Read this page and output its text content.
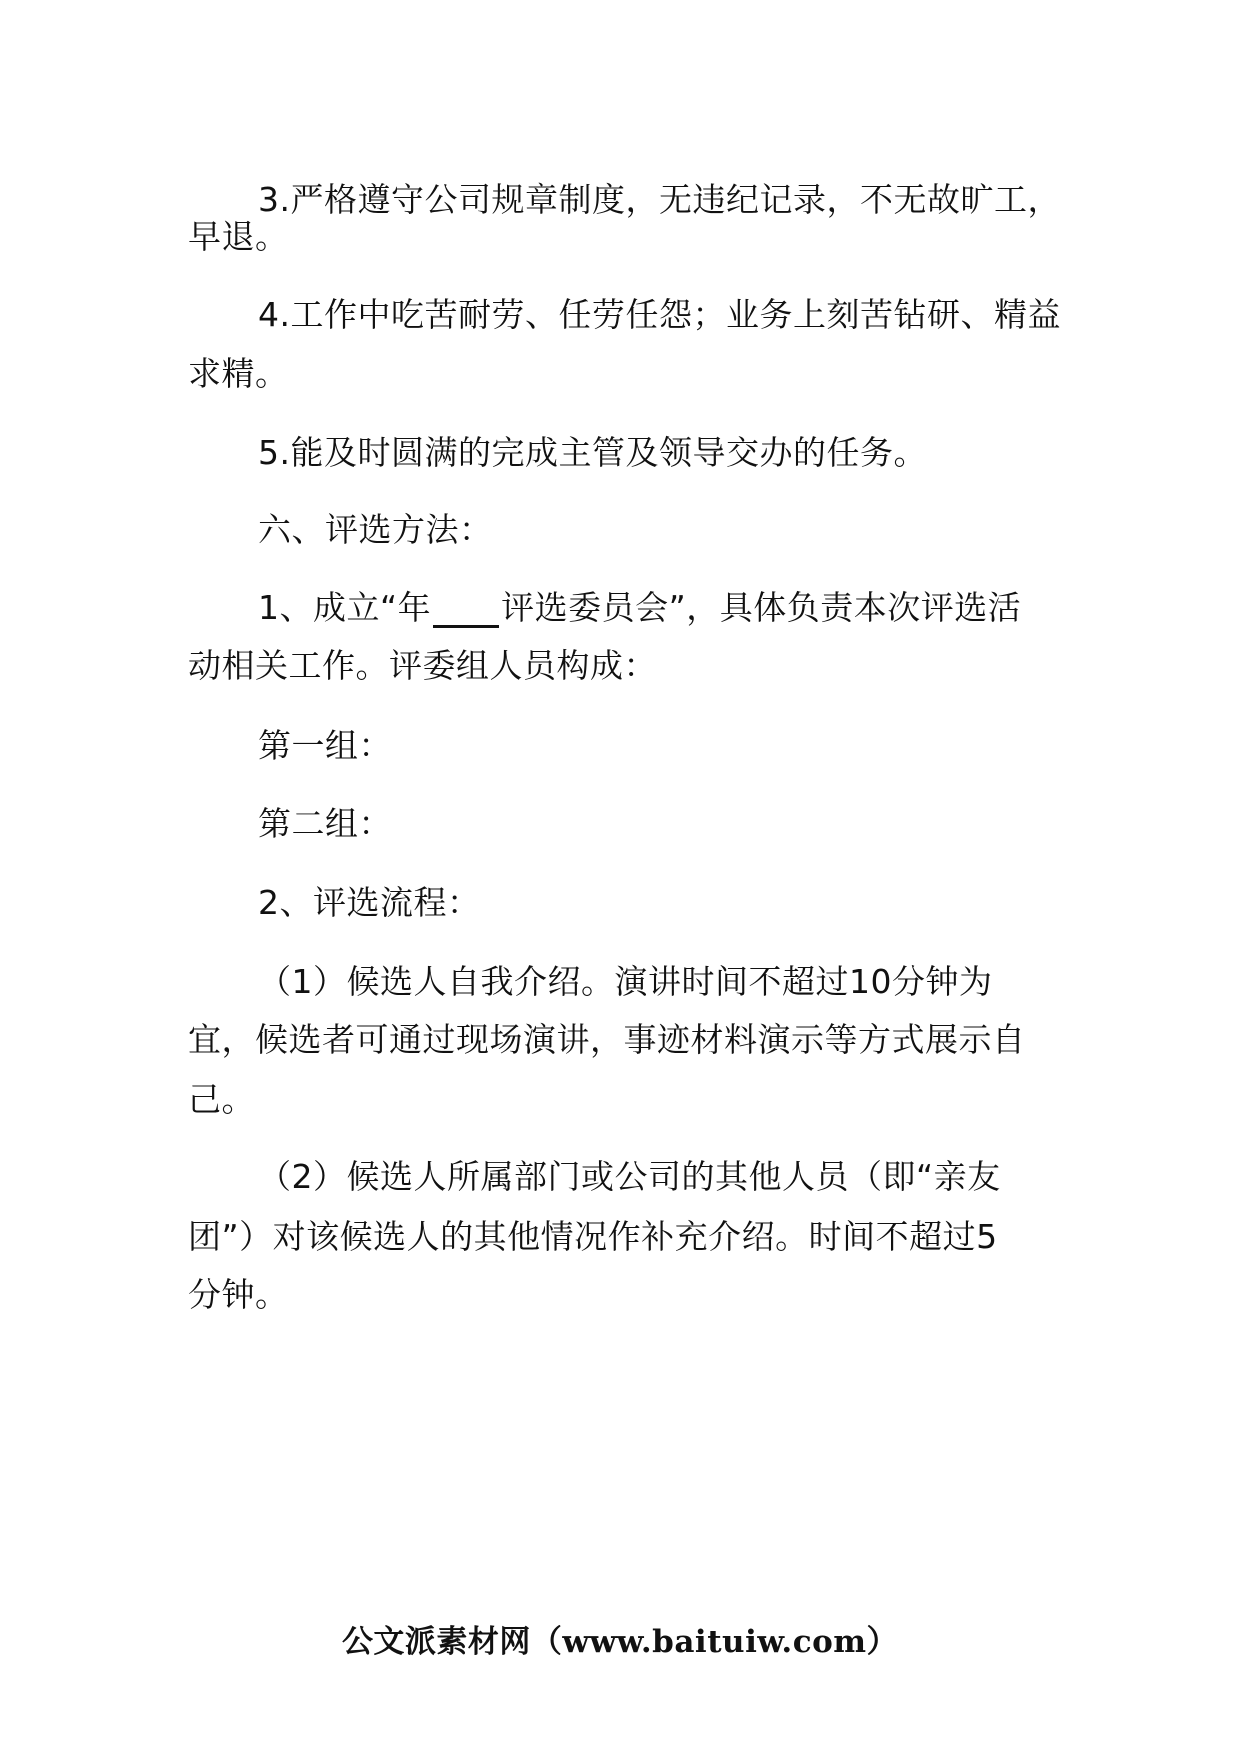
3.严格遵守公司规章制度，无违纪记录，不无故旷工，
早退。
4.工作中吃苦耐劳、任劳任怨；业务上刻苦钻研、精益
求精。
5.能及时圆满的完成主管及领导交办的任务。
六、评选方法：
1、成立“年 评选委员会”，具体负责本次评选活
动相关工作。评委组人员构成：
第一组：
第二组：
2、评选流程：
（1）候选人自我介绍。演讲时间不超过10分钟为
宜，候选者可通过现场演讲，事迹材料演示等方式展示自
己。
（2）候选人所属部门或公司的其他人员（即“亲友
团”）对该候选人的其他情况作补充介绍。时间不超过5
分钟。
公文派素材网（www.baituiw.com）
